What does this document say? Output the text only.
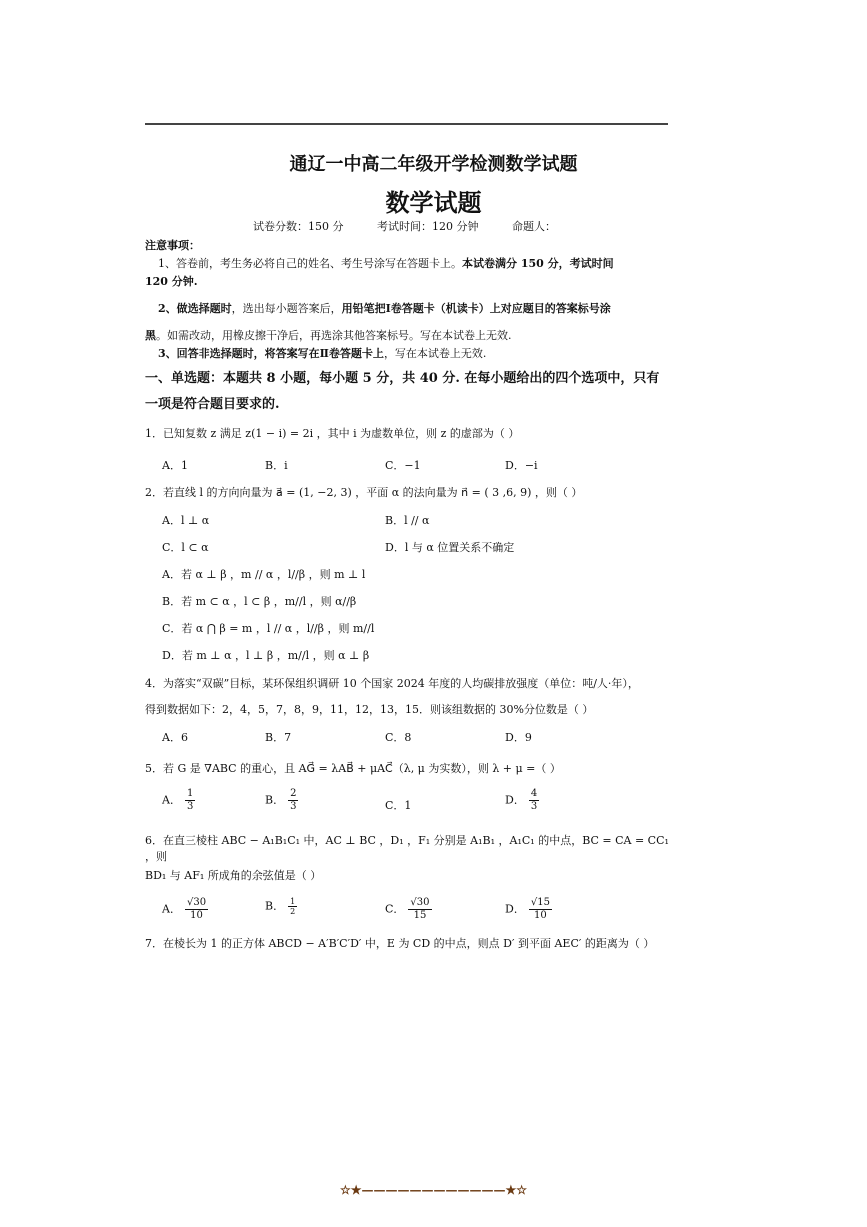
通辽一中高二年级开学检测数学试题
数学试题
试卷分数：150 分	考试时间：120 分钟	命题人：
注意事项：
1、答卷前，考生务必将自己的姓名、考生号涂写在答题卡上。本试卷满分 150 分，考试时间
120 分钟.
2、做选择题时，选出每小题答案后，用铅笔把Ⅰ卷答题卡（机读卡）上对应题目的答案标号涂
黑。如需改动，用橡皮擦干净后，再选涂其他答案标号。写在本试卷上无效.
3、回答非选择题时，将答案写在Ⅱ卷答题卡上，写在本试卷上无效.
一、单选题：本题共 8 小题，每小题 5 分，共 40 分. 在每小题给出的四个选项中，只有
一项是符合题目要求的.
1．已知复数 z 满足 z(1 − i) = 2i ，其中 i 为虚数单位，则 z 的虚部为（ ）
A．1	B．i	C．−1	D．−i
2．若直线 l 的方向向量为 a⃗ = (1, −2, 3) ，平面 α 的法向量为 n⃗ = ( 3 ,6, 9) ，则（ ）
A．l ⊥ α	B．l // α
C．l ⊂ α	D．l 与 α 位置关系不确定
A．若 α ⊥ β ，m // α ，l//β ，则 m ⊥ l
B．若 m ⊂ α ，l ⊂ β ，m//l ，则 α//β
C．若 α ⋂ β = m ，l // α ，l//β ，则 m//l
D．若 m ⊥ α ，l ⊥ β ，m//l ，则 α ⊥ β
4．为落实“双碳”目标，某环保组织调研 10 个国家 2024 年度的人均碳排放强度（单位：吨/人·年），
得到数据如下：2，4，5，7，8，9，11，12，13，15．则该组数据的 30%分位数是（ ）
A．6	B．7	C．8	D．9
5．若 G 是 ∇ABC 的重心，且 AG⃗ = λAB⃗ + μAC⃗（λ, μ 为实数），则 λ + μ =（ ）
A． $\frac{1}{3}$	B． $\frac{2}{3}$	C．1	D． $\frac{4}{3}$
6．在直三棱柱 ABC − A₁B₁C₁ 中，AC ⊥ BC ，D₁ ，F₁ 分别是 A₁B₁ ，A₁C₁ 的中点，BC = CA = CC₁ ，则
BD₁ 与 AF₁ 所成角的余弦值是（ ）
A． $\frac{√30}{10}$	B． $\frac{1}{2}$	C． $\frac{√30}{15}$	D． $\frac{√15}{10}$
7．在棱长为 1 的正方体 ABCD − A′B′C′D′ 中，E 为 CD 的中点，则点 D′ 到平面 AEC′ 的距离为（ ）
☆★————————————★☆
